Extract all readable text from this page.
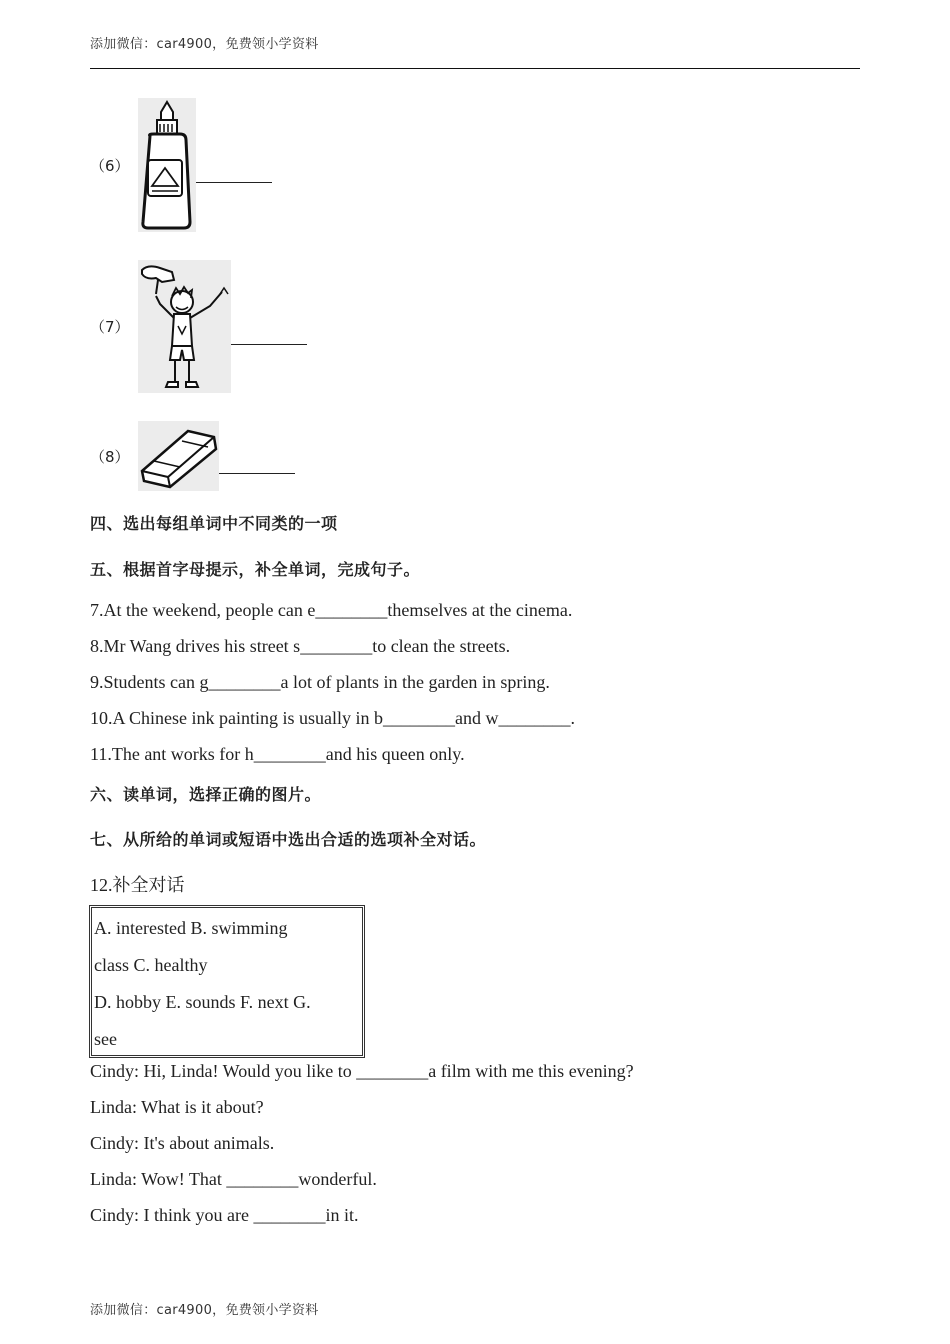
添加微信：car4900，免费领小学资料
（6）
（7）
（8）
四、选出每组单词中不同类的一项
五、根据首字母提示，补全单词，完成句子。
7.At the weekend, people can e________themselves at the cinema.
8.Mr Wang drives his street s________to clean the streets.
9.Students can g________a lot of plants in the garden in spring.
10.A Chinese ink painting is usually in b________and w________.
11.The ant works for h________and his queen only.
六、读单词，选择正确的图片。
七、从所给的单词或短语中选出合适的选项补全对话。
12.补全对话
A. interested B. swimming
class C. healthy
D. hobby E. sounds F. next G.
see
Cindy: Hi, Linda! Would you like to ________a film with me this evening?
Linda: What is it about?
Cindy: It's about animals.
Linda: Wow! That ________wonderful.
Cindy: I think you are ________in it.
添加微信：car4900，免费领小学资料
